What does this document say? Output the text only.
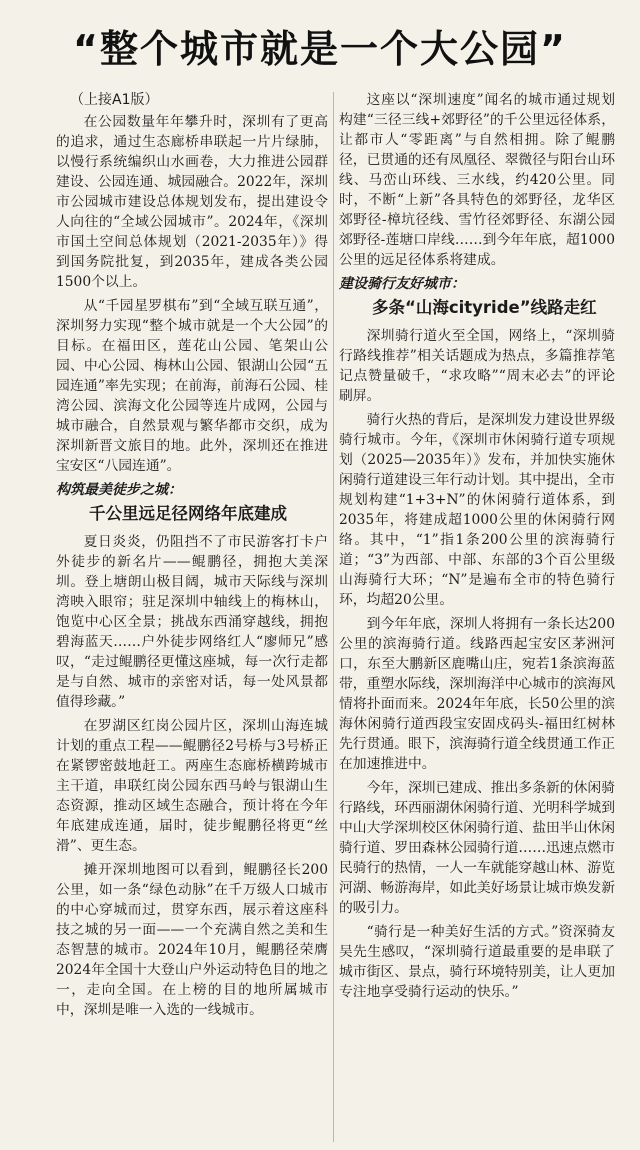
“整个城市就是一个大公园”
（上接A1版）

在公园数量年年攀升时，深圳有了更高的追求，通过生态廊桥串联起一片片绿肺，以慢行系统编织山水画卷，大力推进公园群建设、公园连通、城园融合。2022年，深圳市公园城市建设总体规划发布，提出建设令人向往的“全域公园城市”。2024年，《深圳市国土空间总体规划（2021-2035年）》得到国务院批复，到2035年，建成各类公园1500个以上。

从“千园星罗棋布”到“全域互联互通”，深圳努力实现“整个城市就是一个大公园”的目标。在福田区，莲花山公园、笔架山公园、中心公园、梅林山公园、银湖山公园“五园连通”率先实现；在前海，前海石公园、桂湾公园、滨海文化公园等连片成网，公园与城市融合，自然景观与繁华都市交织，成为深圳新晋文旅目的地。此外，深圳还在推进宝安区“八园连通”。

构筑最美徒步之城：
千公里远足径网络年底建成

夏日炎炎，仍阻挡不了市民游客打卡户外徒步的新名片——鲲鹏径，拥抱大美深圳。登上塘朗山极目阔，城市天际线与深圳湾映入眼帘；驻足深圳中轴线上的梅林山，饱览中心区全景；挑战东西涌穿越线，拥抱碧海蓝天……户外徒步网络红人“廖师兄”感叹，“走过鲲鹏径更懂这座城，每一次行走都是与自然、城市的亲密对话，每一处风景都值得珍藏。”

在罗湖区红岗公园片区，深圳山海连城计划的重点工程——鲲鹏径2号桥与3号桥正在紧锣密鼓地赶工。两座生态廊桥横跨城市主干道，串联红岗公园东西马岭与银湖山生态资源，推动区域生态融合，预计将在今年年底建成连通，届时，徒步鲲鹏径将更“丝滑”、更生态。

摊开深圳地图可以看到，鲲鹏径长200公里，如一条“绿色动脉”在千万级人口城市的中心穿城而过，贯穿东西，展示着这座科技之城的另一面——一个充满自然之美和生态智慧的城市。2024年10月，鲲鹏径荣膺2024年全国十大登山户外运动特色目的地之一，走向全国。在上榜的目的地所属城市中，深圳是唯一入选的一线城市。

这座以“深圳速度”闻名的城市通过规划构建“三径三线+郊野径”的千公里远径体系，让都市人“零距离”与自然相拥。除了鲲鹏径，已贯通的还有凤凰径、翠微径与阳台山环线、马峦山环线、三水线，约420公里。同时，不断“上新”各具特色的郊野径，龙华区郊野径-樟坑径线、雪竹径郊野径、东湖公园郊野径-莲塘口岸线……到今年年底，超1000公里的远足径体系将建成。

建设骑行友好城市：
多条“山海cityride”线路走红

深圳骑行道火至全国，网络上，“深圳骑行路线推荐”相关话题成为热点，多篇推荐笔记点赞量破千，“求攻略”“周末必去”的评论刷屏。

骑行火热的背后，是深圳发力建设世界级骑行城市。今年，《深圳市休闲骑行道专项规划（2025—2035年）》发布，并加快实施休闲骑行道建设三年行动计划。其中提出，全市规划构建“1+3+N”的休闲骑行道体系，到2035年，将建成超1000公里的休闲骑行网络。其中，“1”指1条200公里的滨海骑行道；“3”为西部、中部、东部的3个百公里级山海骑行大环；“N”是遍布全市的特色骑行环，均超20公里。

到今年年底，深圳人将拥有一条长达200公里的滨海骑行道。线路西起宝安区茅洲河口，东至大鹏新区鹿嘴山庄，宛若1条滨海蓝带，重塑水际线，深圳海洋中心城市的滨海风情将扑面而来。2024年年底，长50公里的滨海休闲骑行道西段宝安固戍码头-福田红树林先行贯通。眼下，滨海骑行道全线贯通工作正在加速推进中。

今年，深圳已建成、推出多条新的休闲骑行路线，环西丽湖休闲骑行道、光明科学城到中山大学深圳校区休闲骑行道、盐田半山休闲骑行道、罗田森林公园骑行道……迅速点燃市民骑行的热情，一人一车就能穿越山林、游览河湖、畅游海岸，如此美好场景让城市焕发新的吸引力。

“骑行是一种美好生活的方式。”资深骑友吴先生感叹，“深圳骑行道最重要的是串联了城市街区、景点，骑行环境特别美，让人更加专注地享受骑行运动的快乐。”
